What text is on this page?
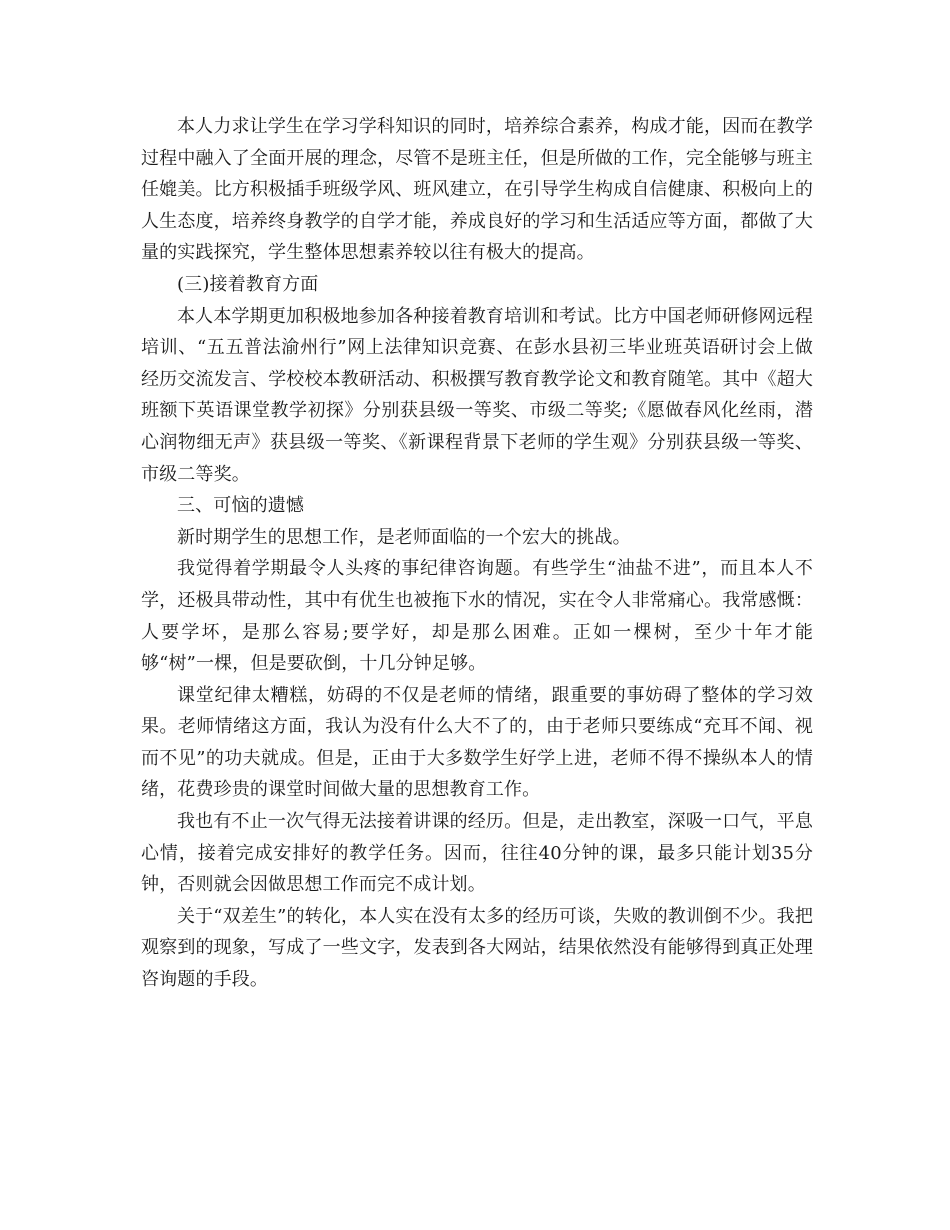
本人力求让学生在学习学科知识的同时，培养综合素养，构成才能，因而在教学过程中融入了全面开展的理念，尽管不是班主任，但是所做的工作，完全能够与班主任媲美。比方积极插手班级学风、班风建立，在引导学生构成自信健康、积极向上的人生态度，培养终身教学的自学才能，养成良好的学习和生活适应等方面，都做了大量的实践探究，学生整体思想素养较以往有极大的提高。

(三)接着教育方面

本人本学期更加积极地参加各种接着教育培训和考试。比方中国老师研修网远程培训、“五五普法渝州行”网上法律知识竞赛、在彭水县初三毕业班英语研讨会上做经历交流发言、学校校本教研活动、积极撰写教育教学论文和教育随笔。其中《超大班额下英语课堂教学初探》分别获县级一等奖、市级二等奖;《愿做春风化丝雨，潜心润物细无声》获县级一等奖、《新课程背景下老师的学生观》分别获县级一等奖、市级二等奖。

三、可恼的遗憾

新时期学生的思想工作，是老师面临的一个宏大的挑战。

我觉得着学期最令人头疼的事纪律咨询题。有些学生“油盐不进”，而且本人不学，还极具带动性，其中有优生也被拖下水的情况，实在令人非常痛心。我常感慨：人要学坏，是那么容易;要学好，却是那么困难。正如一棵树，至少十年才能够“树”一棵，但是要砍倒，十几分钟足够。

课堂纪律太糟糕，妨碍的不仅是老师的情绪，跟重要的事妨碍了整体的学习效果。老师情绪这方面，我认为没有什么大不了的，由于老师只要练成“充耳不闻、视而不见”的功夫就成。但是，正由于大多数学生好学上进，老师不得不操纵本人的情绪，花费珍贵的课堂时间做大量的思想教育工作。

我也有不止一次气得无法接着讲课的经历。但是，走出教室，深吸一口气，平息心情，接着完成安排好的教学任务。因而，往往40分钟的课，最多只能计划35分钟，否则就会因做思想工作而完不成计划。

关于“双差生”的转化，本人实在没有太多的经历可谈，失败的教训倒不少。我把观察到的现象，写成了一些文字，发表到各大网站，结果依然没有能够得到真正处理咨询题的手段。
